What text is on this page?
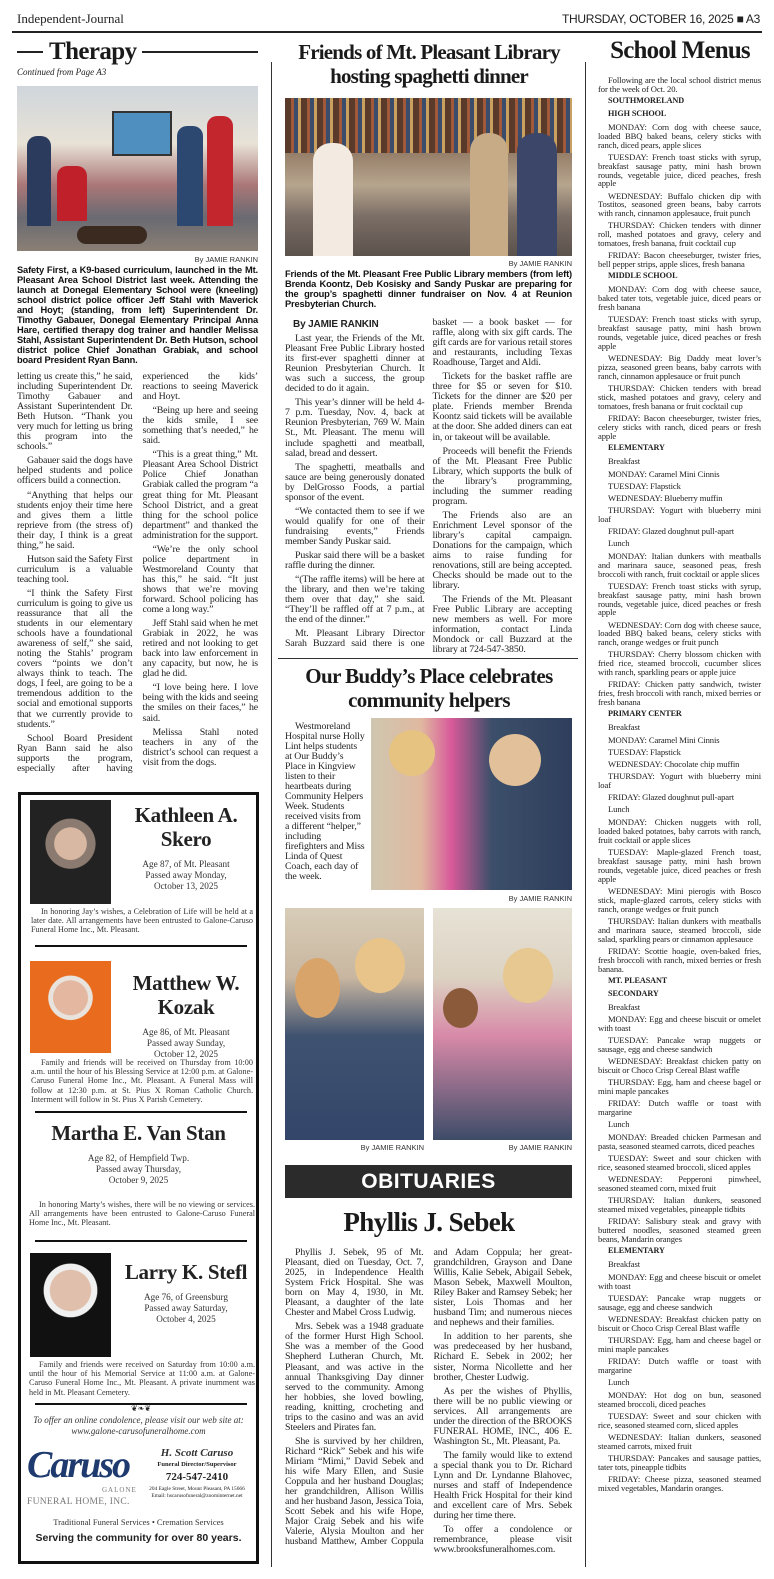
Independent-Journal	THURSDAY, OCTOBER 16, 2025 ■ A3
Therapy
Continued from Page A3
By JAMIE RANKIN
Safety First, a K9-based curriculum, launched in the Mt. Pleasant Area School District last week. Attending the launch at Donegal Elementary School were (kneeling) school district police officer Jeff Stahl with Maverick and Hoyt; (standing, from left) Superintendent Dr. Timothy Gabauer, Donegal Elementary Principal Anna Hare, certified therapy dog trainer and handler Melissa Stahl, Assistant Superintendent Dr. Beth Hutson, school district police Chief Jonathan Grabiak, and school board President Ryan Bann.

letting us create this,” he said, including Superintendent Dr. Timothy Gabauer and Assistant Superintendent Dr. Beth Hutson. “Thank you very much for letting us bring this program into the schools.”

Gabauer said the dogs have helped students and police officers build a connection.

“Anything that helps our students enjoy their time here and gives them a little reprieve from (the stress of) their day, I think is a great thing,” he said.

Hutson said the Safety First curriculum is a valuable teaching tool.

“I think the Safety First curriculum is going to give us reassurance that all the students in our elementary schools have a foundational awareness of self,” she said, noting the Stahls’ program covers “points we don’t always think to teach. The dogs, I feel, are going to be a tremendous addition to the social and emotional supports that we currently provide to students.”

School Board President Ryan Bann said he also supports the program, especially after having experienced the kids’ reactions to seeing Maverick and Hoyt.

“Being up here and seeing the kids smile, I see something that’s needed,” he said.

“This is a great thing,” Mt. Pleasant Area School District Police Chief Jonathan Grabiak called the program “a great thing for Mt. Pleasant School District, and a great thing for the school police department” and thanked the administration for the support.

“We’re the only school police department in Westmoreland County that has this,” he said. “It just shows that we’re moving forward. School policing has come a long way.”

Jeff Stahl said when he met Grabiak in 2022, he was retired and not looking to get back into law enforcement in any capacity, but now, he is glad he did.

“I love being here. I love being with the kids and seeing the smiles on their faces,” he said.

Melissa Stahl noted teachers in any of the district’s school can request a visit from the dogs.

Kathleen A. Skero
Age 87, of Mt. Pleasant
Passed away Monday,
October 13, 2025
In honoring Jay’s wishes, a Celebration of Life will be held at a later date. All arrangements have been entrusted to Galone-Caruso Funeral Home Inc., Mt. Pleasant.
Matthew W. Kozak
Age 86, of Mt. Pleasant
Passed away Sunday,
October 12, 2025
Family and friends will be received on Thursday from 10:00 a.m. until the hour of his Blessing Service at 12:00 p.m. at Galone-Caruso Funeral Home Inc., Mt. Pleasant. A Funeral Mass will follow at 12:30 p.m. at St. Pius X Roman Catholic Church. Interment will follow in St. Pius X Parish Cemetery.
Martha E. Van Stan
Age 82, of Hempfield Twp.
Passed away Thursday,
October 9, 2025
In honoring Marty’s wishes, there will be no viewing or services. All arrangements have been entrusted to Galone-Caruso Funeral Home Inc., Mt. Pleasant.
Larry K. Stefl
Age 76, of Greensburg
Passed away Saturday,
October 4, 2025
Family and friends were received on Saturday from 10:00 a.m. until the hour of his Memorial Service at 11:00 a.m. at Galone-Caruso Funeral Home Inc., Mt. Pleasant. A private inurnment was held in Mt. Pleasant Cemetery.
❦❧❦
To offer an online condolence, please visit our web site at:
www.galone-carusofuneralhome.com
Caruso
GALONE
FUNERAL HOME, INC.
H. Scott Caruso
Funeral Director/Supervisor
724-547-2410
204 Eagle Street, Mount Pleasant, PA 15666
Email: hscarusofuneral@zoominternet.net
Traditional Funeral Services • Cremation Services
Serving the community for over 80 years.
Friends of Mt. Pleasant Library hosting spaghetti dinner
By JAMIE RANKIN
Friends of the Mt. Pleasant Free Public Library members (from left) Brenda Koontz, Deb Kosisky and Sandy Puskar are preparing for the group’s spaghetti dinner fundraiser on Nov. 4 at Reunion Presbyterian Church.

By JAMIE RANKIN

Last year, the Friends of the Mt. Pleasant Free Public Library hosted its first-ever spaghetti dinner at Reunion Presbyterian Church. It was such a success, the group decided to do it again.

This year’s dinner will be held 4-7 p.m. Tuesday, Nov. 4, back at Reunion Presbyterian, 769 W. Main St., Mt. Pleasant. The menu will include spaghetti and meatball, salad, bread and dessert.

The spaghetti, meatballs and sauce are being generously donated by DelGrosso Foods, a partial sponsor of the event.

“We contacted them to see if we would qualify for one of their fundraising events,” Friends member Sandy Puskar said.

Puskar said there will be a basket raffle during the dinner.

“(The raffle items) will be here at the library, and then we’re taking them over that day,” she said. “They’ll be raffled off at 7 p.m., at the end of the dinner.”

Mt. Pleasant Library Director Sarah Buzzard said there is one basket — a book basket — for raffle, along with six gift cards. The gift cards are for various retail stores and restaurants, including Texas Roadhouse, Target and Aldi.

Tickets for the basket raffle are three for $5 or seven for $10. Tickets for the dinner are $20 per plate. Friends member Brenda Koontz said tickets will be available at the door. She added diners can eat in, or takeout will be available.

Proceeds will benefit the Friends of the Mt. Pleasant Free Public Library, which supports the bulk of the library’s programming, including the summer reading program.

The Friends also are an Enrichment Level sponsor of the library’s capital campaign. Donations for the campaign, which aims to raise funding for renovations, still are being accepted. Checks should be made out to the library.

The Friends of the Mt. Pleasant Free Public Library are accepting new members as well. For more information, contact Linda Mondock or call Buzzard at the library at 724-547-3850.

Our Buddy’s Place celebrates community helpers
Westmoreland Hospital nurse Holly Lint helps students at Our Buddy’s Place in Kingview listen to their heartbeats during Community Helpers Week. Students received visits from a different “helper,” including firefighters and Miss Linda of Quest Coach, each day of the week.
By JAMIE RANKIN
By JAMIE RANKIN	By JAMIE RANKIN
OBITUARIES
Phyllis J. Sebek

Phyllis J. Sebek, 95 of Mt. Pleasant, died on Tuesday, Oct. 7, 2025, in Independence Health System Frick Hospital. She was born on May 4, 1930, in Mt. Pleasant, a daughter of the late Chester and Mabel Cross Ludwig.

Mrs. Sebek was a 1948 graduate of the former Hurst High School. She was a member of the Good Shepherd Lutheran Church, Mt. Pleasant, and was active in the annual Thanksgiving Day dinner served to the community. Among her hobbies, she loved bowling, reading, knitting, crocheting and trips to the casino and was an avid Steelers and Pirates fan.

She is survived by her children, Richard “Rick” Sebek and his wife Miriam “Mimi,” David Sebek and his wife Mary Ellen, and Susie Coppula and her husband Douglas; her grandchildren, Allison Willis and her husband Jason, Jessica Toia, Scott Sebek and his wife Hope, Major Craig Sebek and his wife Valerie, Alysia Moulton and her husband Matthew, Amber Coppula and Adam Coppula; her great-grandchildren, Grayson and Dane Willis, Kalie Sebek, Abigail Sebek, Mason Sebek, Maxwell Moulton, Riley Baker and Ramsey Sebek; her sister, Lois Thomas and her husband Tim; and numerous nieces and nephews and their families.

In addition to her parents, she was predeceased by her husband, Richard E. Sebek in 2002; her sister, Norma Nicollette and her brother, Chester Ludwig.

As per the wishes of Phyllis, there will be no public viewing or services. All arrangements are under the direction of the BROOKS FUNERAL HOME, INC., 406 E. Washington St., Mt. Pleasant, Pa.

The family would like to extend a special thank you to Dr. Richard Lynn and Dr. Lyndanne Blahovec, nurses and staff of Independence Health Frick Hospital for their kind and excellent care of Mrs. Sebek during her time there.

To offer a condolence or remembrance, please visit www.brooksfuneralhomes.com.

School Menus

Following are the local school district menus for the week of Oct. 20.

SOUTHMORELAND

HIGH SCHOOL

MONDAY: Corn dog with cheese sauce, loaded BBQ baked beans, celery sticks with ranch, diced pears, apple slices

TUESDAY: French toast sticks with syrup, breakfast sausage patty, mini hash brown rounds, vegetable juice, diced peaches, fresh apple

WEDNESDAY: Buffalo chicken dip with Tostitos, seasoned green beans, baby carrots with ranch, cinnamon applesauce, fruit punch

THURSDAY: Chicken tenders with dinner roll, mashed potatoes and gravy, celery and tomatoes, fresh banana, fruit cocktail cup

FRIDAY: Bacon cheeseburger, twister fries, bell pepper strips, apple slices, fresh banana

MIDDLE SCHOOL

MONDAY: Corn dog with cheese sauce, baked tater tots, vegetable juice, diced pears or fresh banana

TUESDAY: French toast sticks with syrup, breakfast sausage patty, mini hash brown rounds, vegetable juice, diced peaches or fresh apple

WEDNESDAY: Big Daddy meat lover’s pizza, seasoned green beans, baby carrots with ranch, cinnamon applesauce or fruit punch

THURSDAY: Chicken tenders with bread stick, mashed potatoes and gravy, celery and tomatoes, fresh banana or fruit cocktail cup

FRIDAY: Bacon cheeseburger, twister fries, celery sticks with ranch, diced pears or fresh apple

ELEMENTARY

Breakfast

MONDAY: Caramel Mini Cinnis

TUESDAY: Flapstick

WEDNESDAY: Blueberry muffin

THURSDAY: Yogurt with blueberry mini loaf

FRIDAY: Glazed doughnut pull-apart

Lunch

MONDAY: Italian dunkers with meatballs and marinara sauce, seasoned peas, fresh broccoli with ranch, fruit cocktail or apple slices

TUESDAY: French toast sticks with syrup, breakfast sausage patty, mini hash brown rounds, vegetable juice, diced peaches or fresh apple

WEDNESDAY: Corn dog with cheese sauce, loaded BBQ baked beans, celery sticks with ranch, orange wedges or fruit punch

THURSDAY: Cherry blossom chicken with fried rice, steamed broccoli, cucumber slices with ranch, sparkling pears or apple juice

FRIDAY: Chicken patty sandwich, twister fries, fresh broccoli with ranch, mixed berries or fresh banana

PRIMARY CENTER

Breakfast

MONDAY: Caramel Mini Cinnis

TUESDAY: Flapstick

WEDNESDAY: Chocolate chip muffin

THURSDAY: Yogurt with blueberry mini loaf

FRIDAY: Glazed doughnut pull-apart

Lunch

MONDAY: Chicken nuggets with roll, loaded baked potatoes, baby carrots with ranch, fruit cocktail or apple slices

TUESDAY: Maple-glazed French toast, breakfast sausage patty, mini hash brown rounds, vegetable juice, diced peaches or fresh apple

WEDNESDAY: Mini pierogis with Bosco stick, maple-glazed carrots, celery sticks with ranch, orange wedges or fruit punch

THURSDAY: Italian dunkers with meatballs and marinara sauce, steamed broccoli, side salad, sparkling pears or cinnamon applesauce

FRIDAY: Scottie hoagie, oven-baked fries, fresh broccoli with ranch, mixed berries or fresh banana.

MT. PLEASANT

SECONDARY

Breakfast

MONDAY: Egg and cheese biscuit or omelet with toast

TUESDAY: Pancake wrap nuggets or sausage, egg and cheese sandwich

WEDNESDAY: Breakfast chicken patty on biscuit or Choco Crisp Cereal Blast waffle

THURSDAY: Egg, ham and cheese bagel or mini maple pancakes

FRIDAY: Dutch waffle or toast with margarine

Lunch

MONDAY: Breaded chicken Parmesan and pasta, seasoned steamed carrots, diced peaches

TUESDAY: Sweet and sour chicken with rice, seasoned steamed broccoli, sliced apples

WEDNESDAY: Pepperoni pinwheel, seasoned steamed corn, mixed fruit

THURSDAY: Italian dunkers, seasoned steamed mixed vegetables, pineapple tidbits

FRIDAY: Salisbury steak and gravy with buttered noodles, seasoned steamed green beans, Mandarin oranges

ELEMENTARY

Breakfast

MONDAY: Egg and cheese biscuit or omelet with toast

TUESDAY: Pancake wrap nuggets or sausage, egg and cheese sandwich

WEDNESDAY: Breakfast chicken patty on biscuit or Choco Crisp Cereal Blast waffle

THURSDAY: Egg, ham and cheese bagel or mini maple pancakes

FRIDAY: Dutch waffle or toast with margarine

Lunch

MONDAY: Hot dog on bun, seasoned steamed broccoli, diced peaches

TUESDAY: Sweet and sour chicken with rice, seasoned steamed corn, sliced apples

WEDNESDAY: Italian dunkers, seasoned steamed carrots, mixed fruit

THURSDAY: Pancakes and sausage patties, tater tots, pineapple tidbits

FRIDAY: Cheese pizza, seasoned steamed mixed vegetables, Mandarin oranges.
